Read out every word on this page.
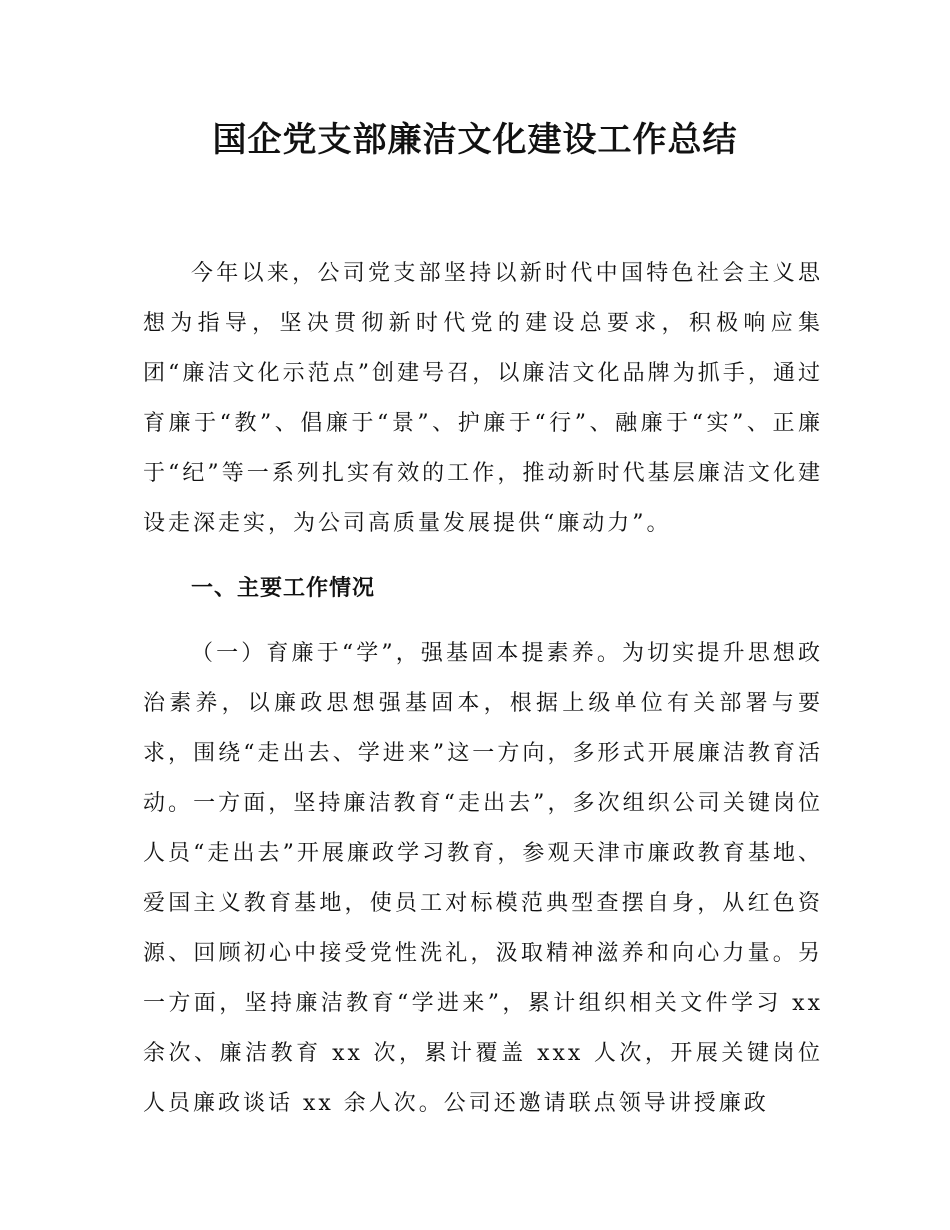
国企党支部廉洁文化建设工作总结

今年以来，公司党支部坚持以新时代中国特色社会主义思想为指导，坚决贯彻新时代党的建设总要求，积极响应集团“廉洁文化示范点”创建号召，以廉洁文化品牌为抓手，通过育廉于“教”、倡廉于“景”、护廉于“行”、融廉于“实”、正廉于“纪”等一系列扎实有效的工作，推动新时代基层廉洁文化建设走深走实，为公司高质量发展提供“廉动力”。

一、主要工作情况

（一）育廉于“学”，强基固本提素养。为切实提升思想政治素养，以廉政思想强基固本，根据上级单位有关部署与要求，围绕“走出去、学进来”这一方向，多形式开展廉洁教育活动。一方面，坚持廉洁教育“走出去”，多次组织公司关键岗位人员“走出去”开展廉政学习教育，参观天津市廉政教育基地、爱国主义教育基地，使员工对标模范典型查摆自身，从红色资源、回顾初心中接受党性洗礼，汲取精神滋养和向心力量。另一方面，坚持廉洁教育“学进来”，累计组织相关文件学习 xx 余次、廉洁教育 xx 次，累计覆盖 xxx 人次，开展关键岗位人员廉政谈话 xx 余人次。公司还邀请联点领导讲授廉政
